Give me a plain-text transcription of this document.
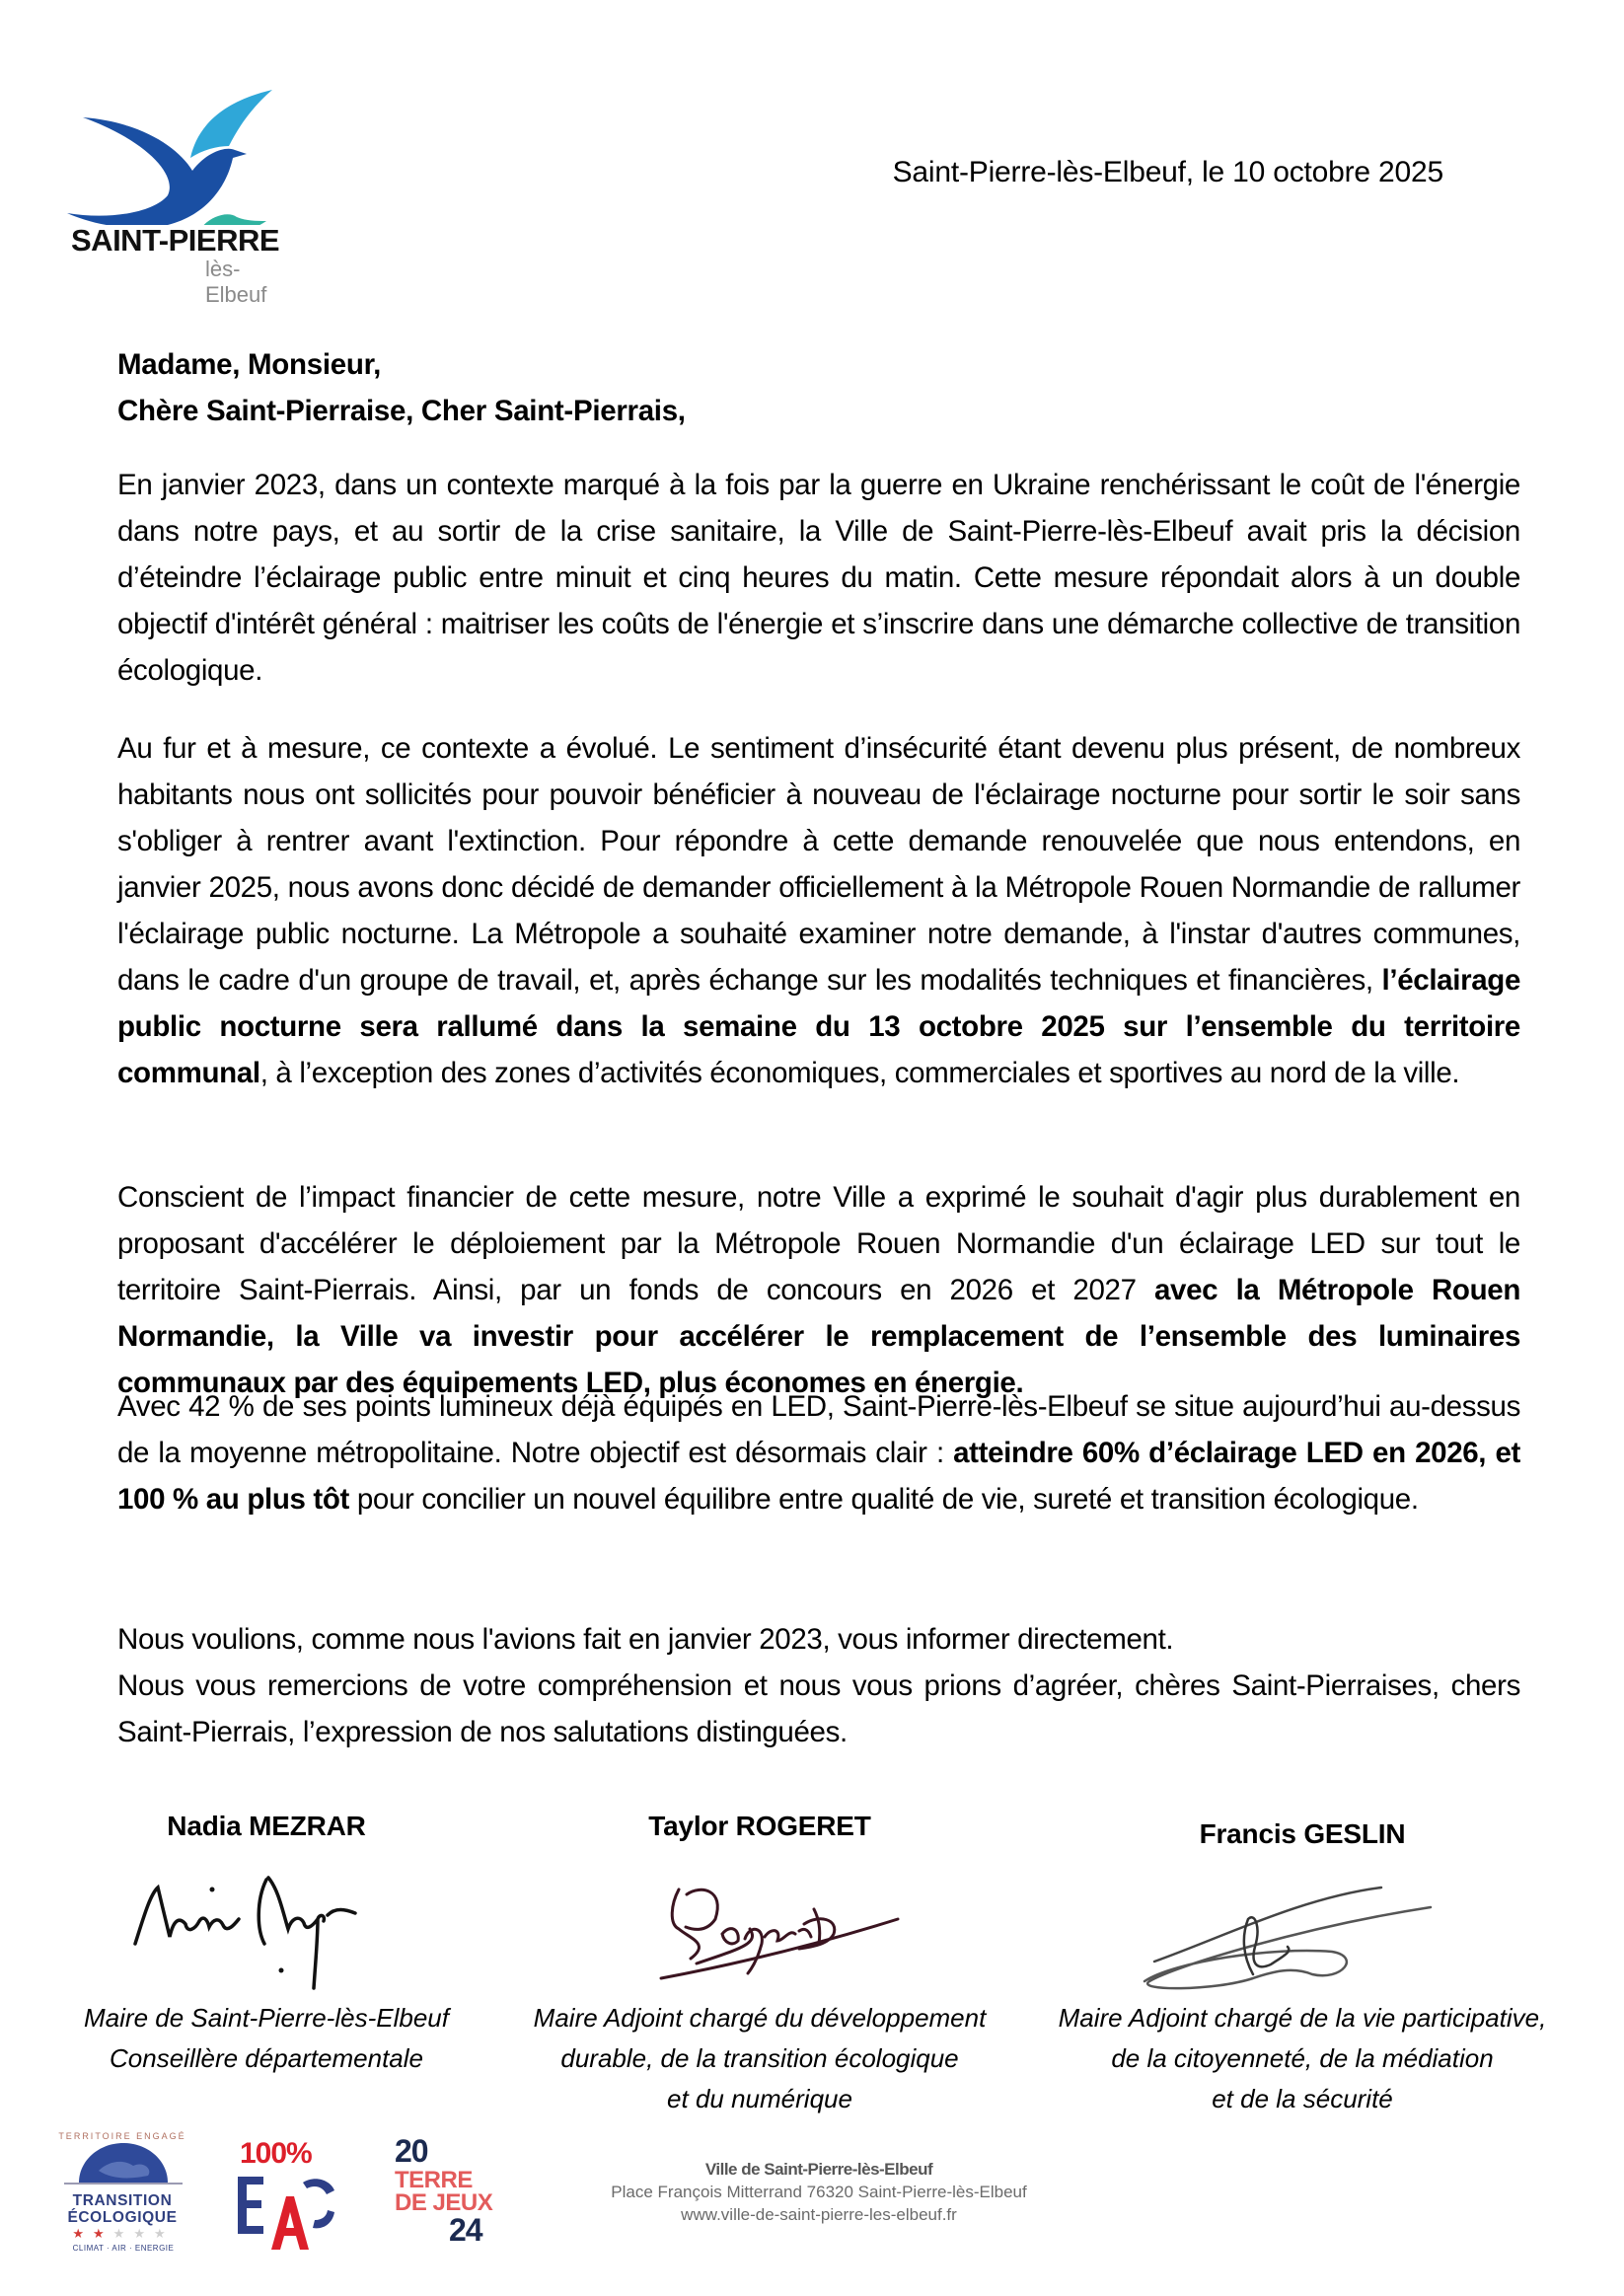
SAINT-PIERRE
lès-Elbeuf
Saint-Pierre-lès-Elbeuf, le 10 octobre 2025
Madame, Monsieur,
Chère Saint-Pierraise, Cher Saint-Pierrais,

En janvier 2023, dans un contexte marqué à la fois par la guerre en Ukraine renchérissant le coût de l'énergie dans notre pays, et au sortir de la crise sanitaire, la Ville de Saint-Pierre-lès-Elbeuf avait pris la décision d’éteindre l’éclairage public entre minuit et cinq heures du matin. Cette mesure répondait alors à un double objectif d'intérêt général : maitriser les coûts de l'énergie et s’inscrire dans une démarche collective de transition écologique.

Au fur et à mesure, ce contexte a évolué. Le sentiment d’insécurité étant devenu plus présent, de nombreux habitants nous ont sollicités pour pouvoir bénéficier à nouveau de l'éclairage nocturne pour sortir le soir sans s'obliger à rentrer avant l'extinction. Pour répondre à cette demande renouvelée que nous entendons, en janvier 2025, nous avons donc décidé de demander officiellement à la Métropole Rouen Normandie de rallumer l'éclairage public nocturne. La Métropole a souhaité examiner notre demande, à l'instar d'autres communes, dans le cadre d'un groupe de travail, et, après échange sur les modalités techniques et financières, l’éclairage public nocturne sera rallumé dans la semaine du 13 octobre 2025 sur l’ensemble du territoire communal, à l’exception des zones d’activités économiques, commerciales et sportives au nord de la ville.

Conscient de l’impact financier de cette mesure, notre Ville a exprimé le souhait d'agir plus durablement en proposant d'accélérer le déploiement par la Métropole Rouen Normandie d'un éclairage LED sur tout le territoire Saint-Pierrais. Ainsi, par un fonds de concours en 2026 et 2027 avec la Métropole Rouen Normandie, la Ville va investir pour accélérer le remplacement de l’ensemble des luminaires communaux par des équipements LED, plus économes en énergie.

Avec 42 % de ses points lumineux déjà équipés en LED, Saint-Pierre-lès-Elbeuf se situe aujourd’hui au-dessus de la moyenne métropolitaine. Notre objectif est désormais clair : atteindre 60% d’éclairage LED en 2026, et 100 % au plus tôt pour concilier un nouvel équilibre entre qualité de vie, sureté et transition écologique.

Nous voulions, comme nous l'avions fait en janvier 2023, vous informer directement.
Nous vous remercions de votre compréhension et nous vous prions d’agréer, chères Saint-Pierraises, chers Saint-Pierrais, l’expression de nos salutations distinguées.
Nadia MEZRAR
Maire de Saint-Pierre-lès-Elbeuf
Conseillère départementale
Taylor ROGERET
Maire Adjoint chargé du développement
durable, de la transition écologique
et du numérique
Francis GESLIN
Maire Adjoint chargé de la vie participative,
de la citoyenneté, de la médiation
et de la sécurité
TERRITOIRE ENGAGÉ
TRANSITION
ÉCOLOGIQUE
★★★★★
CLIMAT · AIR · ENERGIE
100%	20
TERRE
DE JEUX
24
Ville de Saint-Pierre-lès-Elbeuf
Place François Mitterrand 76320 Saint-Pierre-lès-Elbeuf
www.ville-de-saint-pierre-les-elbeuf.fr
